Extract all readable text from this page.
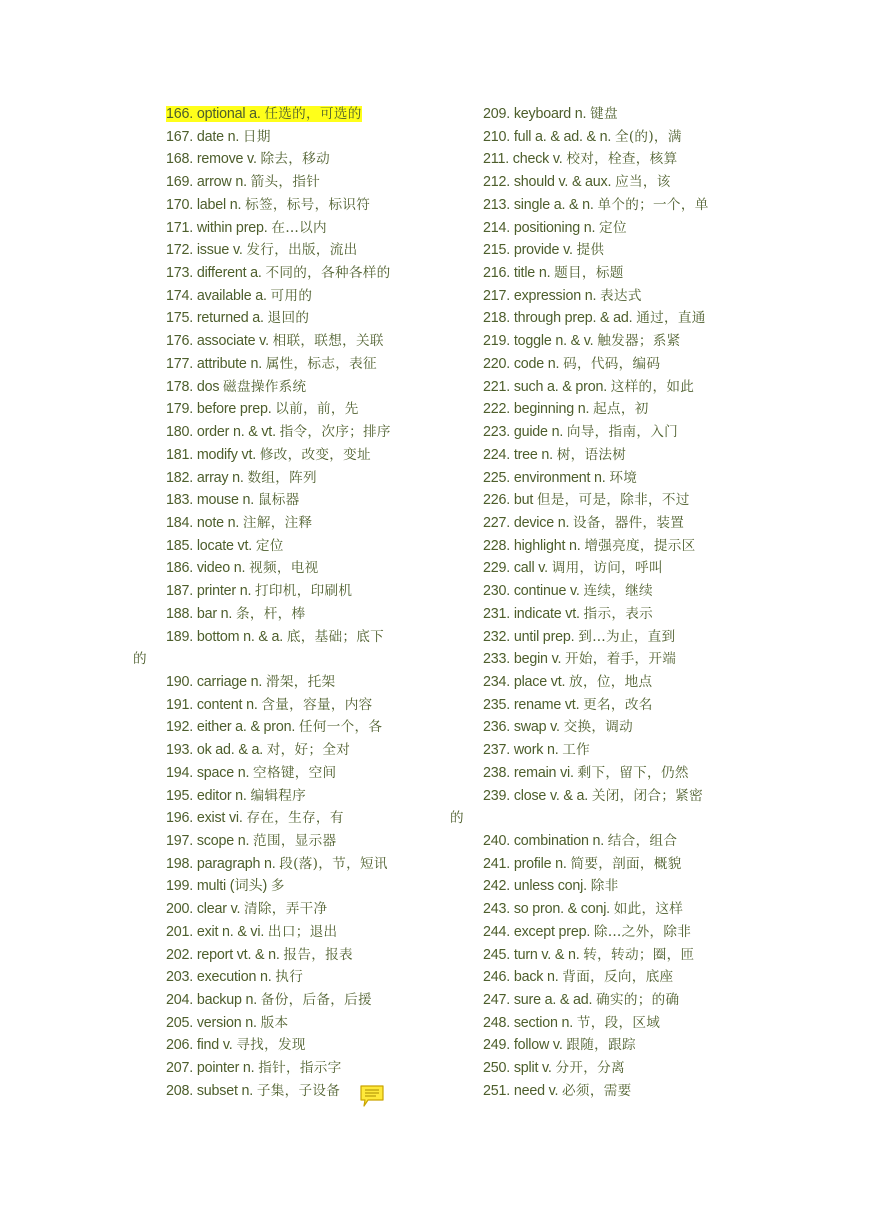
166. optional a. 任选的，可选的
167. date n. 日期
168. remove v. 除去，移动
169. arrow n. 箭头，指针
170. label n. 标签，标号，标识符
171. within prep. 在…以内
172. issue v. 发行，出版，流出
173. different a. 不同的，各种各样的
174. available a. 可用的
175. returned a. 退回的
176. associate v. 相联，联想，关联
177. attribute n. 属性，标志，表征
178. dos 磁盘操作系统
179. before prep. 以前，前，先
180. order n. & vt. 指令，次序；排序
181. modify vt. 修改，改变，变址
182. array n. 数组，阵列
183. mouse n. 鼠标器
184. note n. 注解，注释
185. locate vt. 定位
186. video n. 视频，电视
187. printer n. 打印机，印刷机
188. bar n. 条，杆，棒
189. bottom n. & a. 底，基础；底下
的
190. carriage n. 滑架，托架
191. content n. 含量，容量，内容
192. either a. & pron. 任何一个，各
193. ok ad. & a. 对，好；全对
194. space n. 空格键，空间
195. editor n. 编辑程序
196. exist vi. 存在，生存，有
197. scope n. 范围，显示器
198. paragraph n. 段(落)，节，短讯
199. multi (词头) 多
200. clear v. 清除，弄干净
201. exit n. & vi. 出口；退出
202. report vt. & n. 报告，报表
203. execution n. 执行
204. backup n. 备份，后备，后援
205. version n. 版本
206. find v. 寻找，发现
207. pointer n. 指针，指示字
208. subset n. 子集，子设备
209. keyboard n. 键盘
210. full a. & ad. & n. 全(的)，满
211. check v. 校对，栓查，核算
212. should v. & aux. 应当，该
213. single a. & n. 单个的；一个，单
214. positioning n. 定位
215. provide v. 提供
216. title n. 题目，标题
217. expression n. 表达式
218. through prep. & ad. 通过，直通
219. toggle n. & v. 触发器；系紧
220. code n. 码，代码，编码
221. such a. & pron. 这样的，如此
222. beginning n. 起点，初
223. guide n. 向导，指南，入门
224. tree n. 树，语法树
225. environment n. 环境
226. but 但是，可是，除非，不过
227. device n. 设备，器件，装置
228. highlight n. 增强亮度，提示区
229. call v. 调用，访问，呼叫
230. continue v. 连续，继续
231. indicate vt. 指示，表示
232. until prep. 到…为止，直到
233. begin v. 开始，着手，开端
234. place vt. 放，位，地点
235. rename vt. 更名，改名
236. swap v. 交换，调动
237. work n. 工作
238. remain vi. 剩下，留下，仍然
239. close v. & a. 关闭，闭合；紧密
的
240. combination n. 结合，组合
241. profile n. 简要，剖面，概貌
242. unless conj. 除非
243. so pron. & conj. 如此，这样
244. except prep. 除…之外，除非
245. turn v. & n. 转，转动；圈，匝
246. back n. 背面，反向，底座
247. sure a. & ad. 确实的；的确
248. section n. 节，段，区域
249. follow v. 跟随，跟踪
250. split v. 分开，分离
251. need v. 必须，需要
